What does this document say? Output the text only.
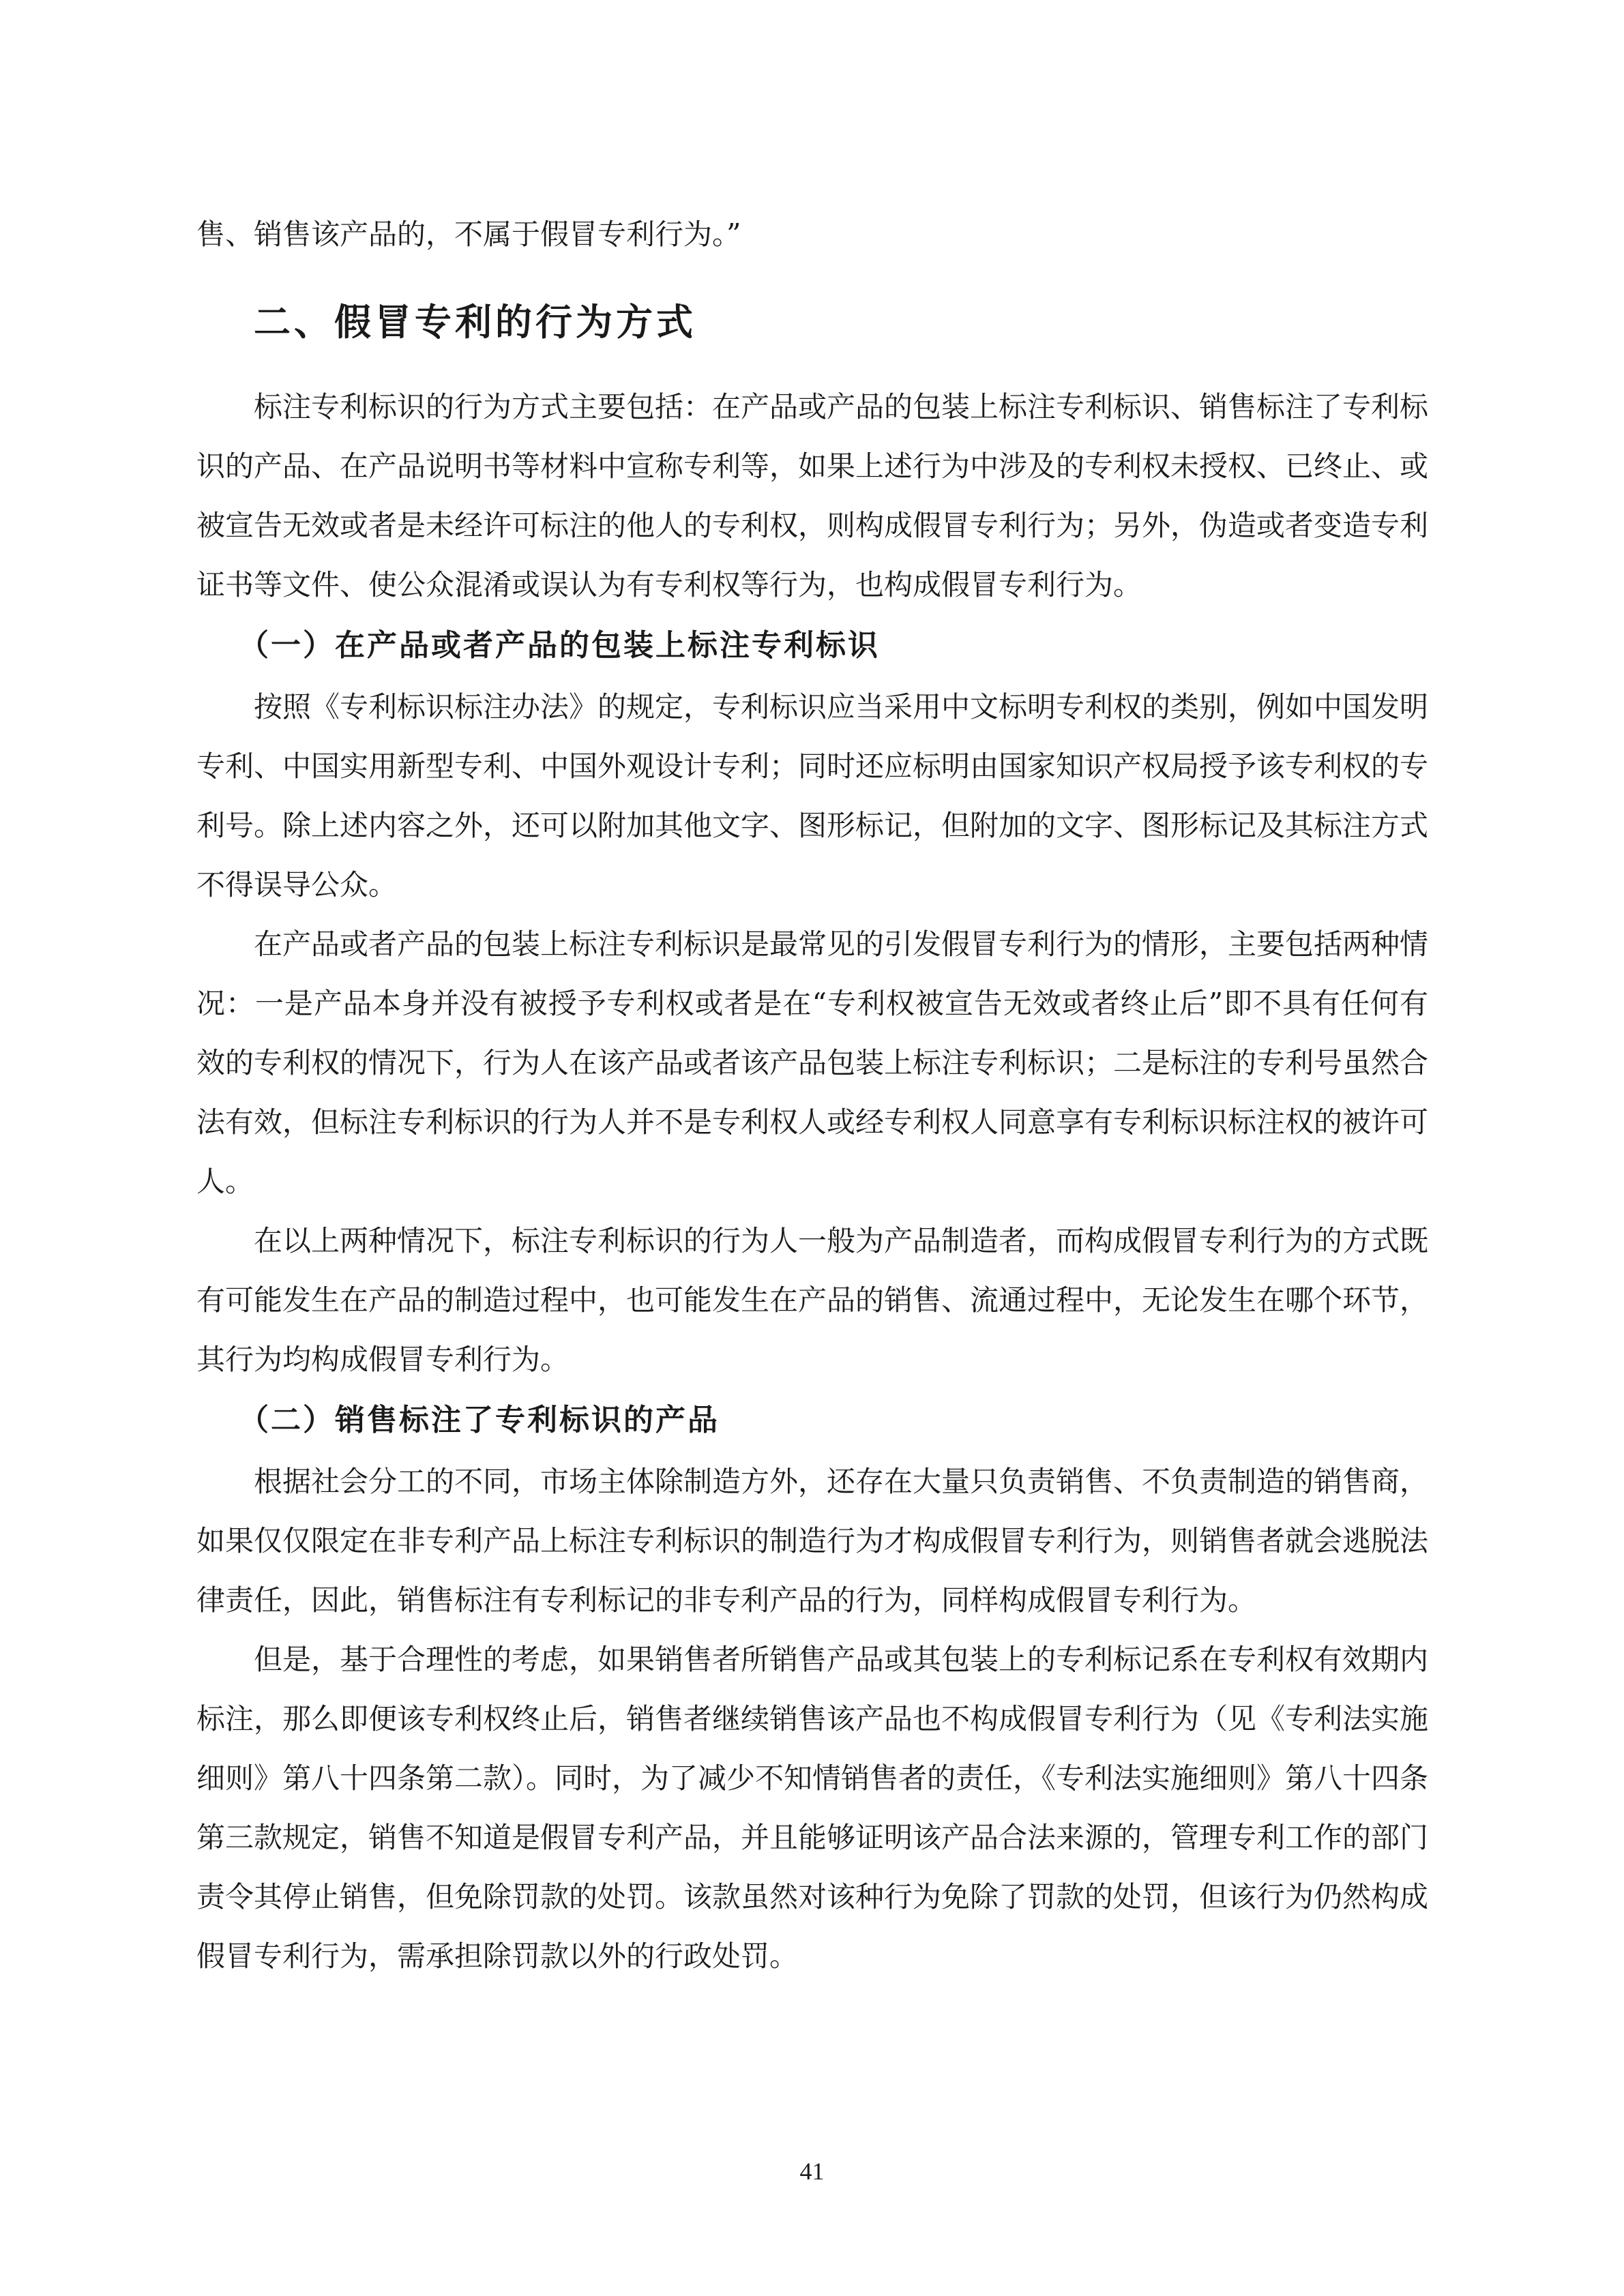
售、销售该产品的，不属于假冒专利行为。”

二、假冒专利的行为方式

标注专利标识的行为方式主要包括：在产品或产品的包装上标注专利标识、销售标注了专利标识的产品、在产品说明书等材料中宣称专利等，如果上述行为中涉及的专利权未授权、已终止、或被宣告无效或者是未经许可标注的他人的专利权，则构成假冒专利行为；另外，伪造或者变造专利证书等文件、使公众混淆或误认为有专利权等行为，也构成假冒专利行为。

（一）在产品或者产品的包装上标注专利标识

按照《专利标识标注办法》的规定，专利标识应当采用中文标明专利权的类别，例如中国发明专利、中国实用新型专利、中国外观设计专利；同时还应标明由国家知识产权局授予该专利权的专利号。除上述内容之外，还可以附加其他文字、图形标记，但附加的文字、图形标记及其标注方式不得误导公众。

在产品或者产品的包装上标注专利标识是最常见的引发假冒专利行为的情形，主要包括两种情况：一是产品本身并没有被授予专利权或者是在“专利权被宣告无效或者终止后”即不具有任何有效的专利权的情况下，行为人在该产品或者该产品包装上标注专利标识；二是标注的专利号虽然合法有效，但标注专利标识的行为人并不是专利权人或经专利权人同意享有专利标识标注权的被许可人。

在以上两种情况下，标注专利标识的行为人一般为产品制造者，而构成假冒专利行为的方式既有可能发生在产品的制造过程中，也可能发生在产品的销售、流通过程中，无论发生在哪个环节，其行为均构成假冒专利行为。

（二）销售标注了专利标识的产品

根据社会分工的不同，市场主体除制造方外，还存在大量只负责销售、不负责制造的销售商，如果仅仅限定在非专利产品上标注专利标识的制造行为才构成假冒专利行为，则销售者就会逃脱法律责任，因此，销售标注有专利标记的非专利产品的行为，同样构成假冒专利行为。

但是，基于合理性的考虑，如果销售者所销售产品或其包装上的专利标记系在专利权有效期内标注，那么即便该专利权终止后，销售者继续销售该产品也不构成假冒专利行为（见《专利法实施细则》第八十四条第二款）。同时，为了减少不知情销售者的责任，《专利法实施细则》第八十四条第三款规定，销售不知道是假冒专利产品，并且能够证明该产品合法来源的，管理专利工作的部门责令其停止销售，但免除罚款的处罚。该款虽然对该种行为免除了罚款的处罚，但该行为仍然构成假冒专利行为，需承担除罚款以外的行政处罚。

41
